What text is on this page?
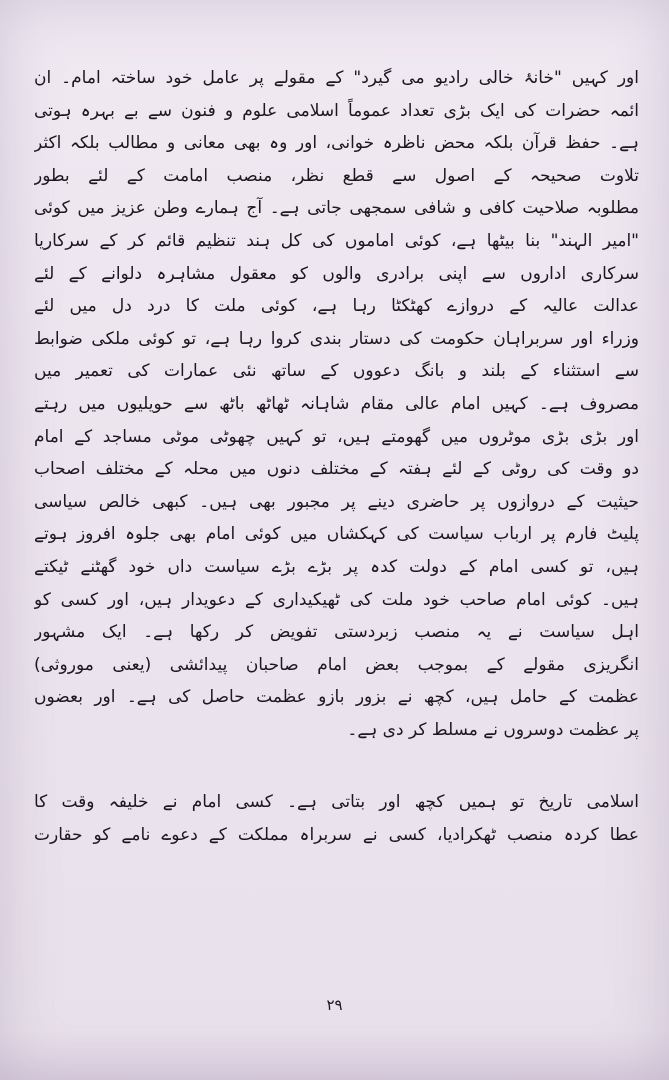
اور کہیں "خانۂ خالی رادیو می گیرد" کے مقولے پر عامل خود ساختہ امام۔ ان
ائمہ حضرات کی ایک بڑی تعداد عموماً اسلامی علوم و فنون سے بے بہرہ ہوتی
ہے۔ حفظ قرآن بلکہ محض ناظرہ خوانی، اور وہ بھی معانی و مطالب بلکہ اکثر
تلاوت صحیحہ کے اصول سے قطع نظر، منصب امامت کے لئے بطور
مطلوبہ صلاحیت کافی و شافی سمجھی جاتی ہے۔ آج ہمارے وطن عزیز میں کوئی
"امیر الہند" بنا بیٹھا ہے، کوئی اماموں کی کل ہند تنظیم قائم کر کے سرکاریا
سرکاری اداروں سے اپنی برادری والوں کو معقول مشاہرہ دلوانے کے لئے
عدالت عالیہ کے دروازے کھٹکٹا رہا ہے، کوئی ملت کا درد دل میں لئے
وزراء اور سربراہان حکومت کی دستار بندی کروا رہا ہے، تو کوئی ملکی ضوابط
سے استثناء کے بلند و بانگ دعووں کے ساتھ نئی عمارات کی تعمیر میں
مصروف ہے۔ کہیں امام عالی مقام شاہانہ ٹھاٹھ باٹھ سے حویلیوں میں رہتے
اور بڑی بڑی موٹروں میں گھومتے ہیں، تو کہیں چھوٹی موٹی مساجد کے امام
دو وقت کی روٹی کے لئے ہفتہ کے مختلف دنوں میں محلہ کے مختلف اصحاب
حیثیت کے دروازوں پر حاضری دینے پر مجبور بھی ہیں۔ کبھی خالص سیاسی
پلیٹ فارم پر ارباب سیاست کی کہکشاں میں کوئی امام بھی جلوہ افروز ہوتے
ہیں، تو کسی امام کے دولت کدہ پر بڑے بڑے سیاست داں خود گھٹنے ٹیکتے
ہیں۔ کوئی امام صاحب خود ملت کی ٹھیکیداری کے دعویدار ہیں، اور کسی کو
اہل سیاست نے یہ منصب زبردستی تفویض کر رکھا ہے۔ ایک مشہور
انگریزی مقولے کے بموجب بعض امام صاحبان پیدائشی (یعنی موروثی)
عظمت کے حامل ہیں، کچھ نے بزور بازو عظمت حاصل کی ہے۔ اور بعضوں
پر عظمت دوسروں نے مسلط کر دی ہے۔
اسلامی تاریخ تو ہمیں کچھ اور بتاتی ہے۔ کسی امام نے خلیفہ وقت کا
عطا کردہ منصب ٹھکرادیا، کسی نے سربراہ مملکت کے دعوے نامے کو حقارت
۲۹
